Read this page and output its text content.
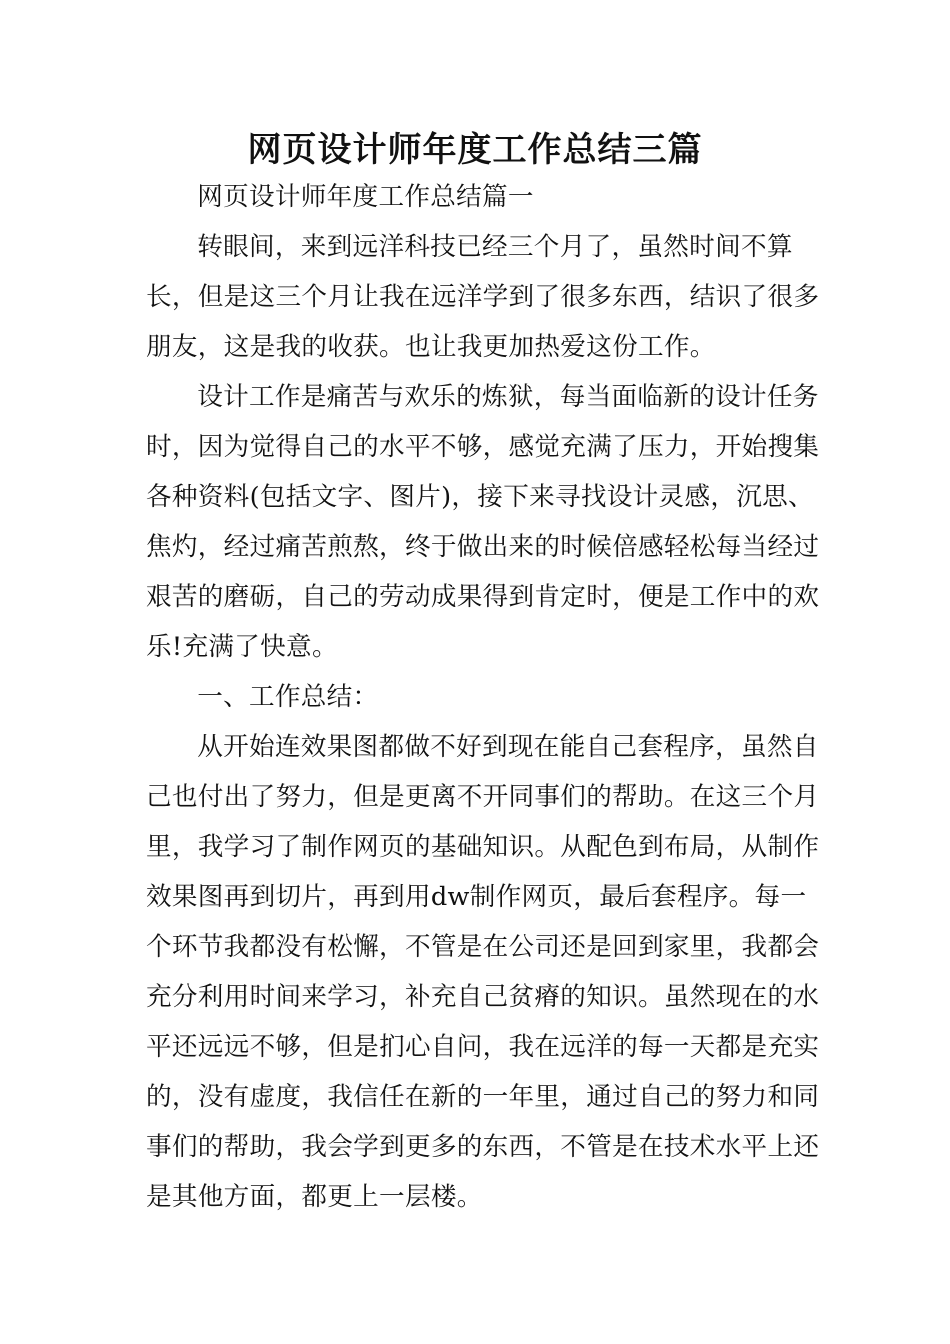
网页设计师年度工作总结三篇

网页设计师年度工作总结篇一

转眼间，来到远洋科技已经三个月了，虽然时间不算长，但是这三个月让我在远洋学到了很多东西，结识了很多朋友，这是我的收获。也让我更加热爱这份工作。

设计工作是痛苦与欢乐的炼狱，每当面临新的设计任务时，因为觉得自己的水平不够，感觉充满了压力，开始搜集各种资料(包括文字、图片)，接下来寻找设计灵感，沉思、焦灼，经过痛苦煎熬，终于做出来的时候倍感轻松每当经过艰苦的磨砺，自己的劳动成果得到肯定时，便是工作中的欢乐!充满了快意。

一、工作总结：

从开始连效果图都做不好到现在能自己套程序，虽然自己也付出了努力，但是更离不开同事们的帮助。在这三个月里，我学习了制作网页的基础知识。从配色到布局，从制作效果图再到切片，再到用dw制作网页，最后套程序。每一个环节我都没有松懈，不管是在公司还是回到家里，我都会充分利用时间来学习，补充自己贫瘠的知识。虽然现在的水平还远远不够，但是扪心自问，我在远洋的每一天都是充实的，没有虚度，我信任在新的一年里，通过自己的努力和同事们的帮助，我会学到更多的东西，不管是在技术水平上还是其他方面，都更上一层楼。
